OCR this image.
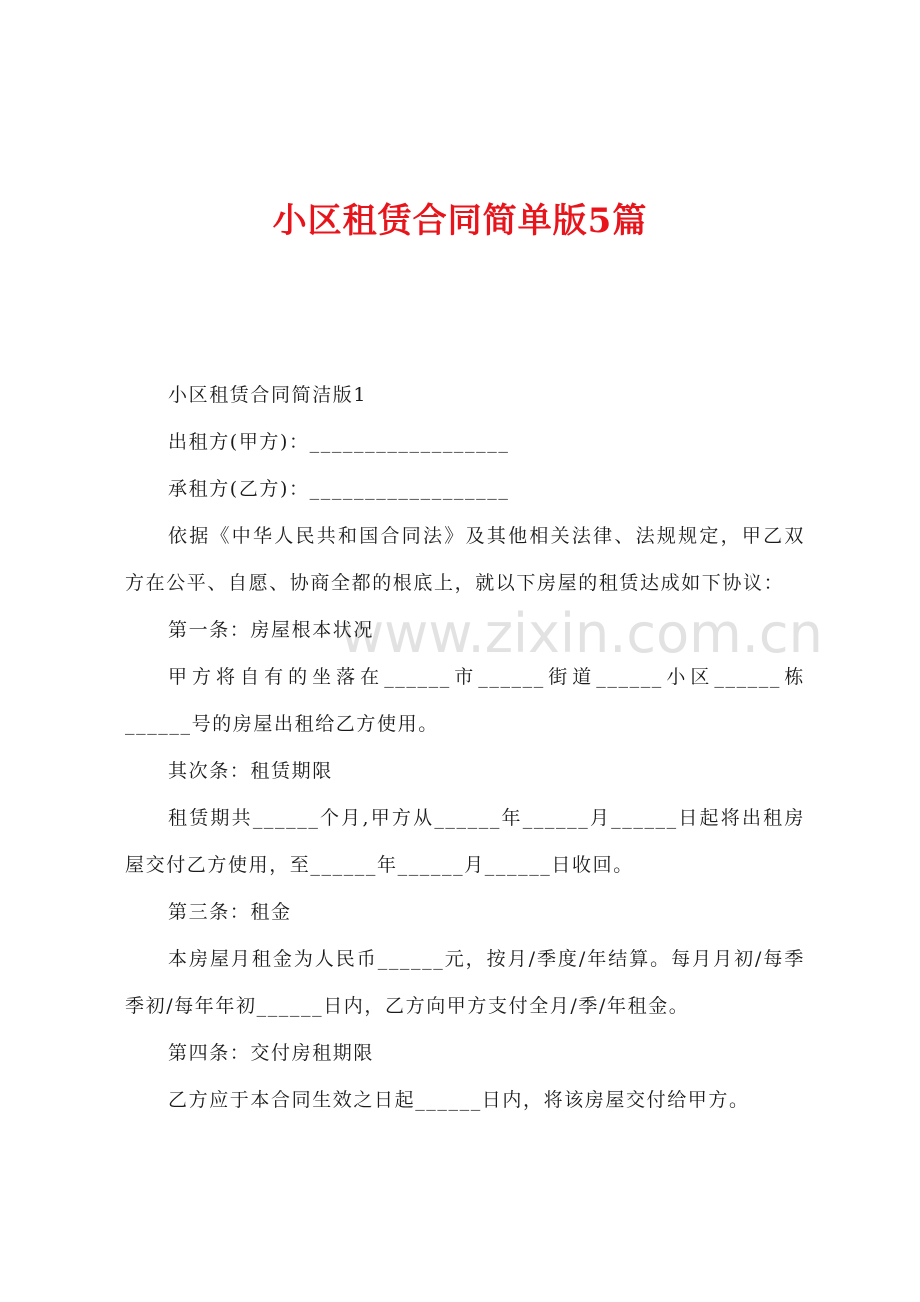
小区租赁合同简单版5篇
www.zixin.com.cn

小区租赁合同简洁版1

出租方(甲方)：__________________

承租方(乙方)：__________________

依据《中华人民共和国合同法》及其他相关法律、法规规定，甲乙双方在公平、自愿、协商全都的根底上，就以下房屋的租赁达成如下协议：

第一条：房屋根本状况

甲方将自有的坐落在______市______街道______小区______栋______号的房屋出租给乙方使用。

其次条：租赁期限

租赁期共______个月,甲方从______年______月______日起将出租房屋交付乙方使用，至______年______月______日收回。

第三条：租金

本房屋月租金为人民币______元，按月/季度/年结算。每月月初/每季季初/每年年初______日内，乙方向甲方支付全月/季/年租金。

第四条：交付房租期限

乙方应于本合同生效之日起______日内，将该房屋交付给甲方。
